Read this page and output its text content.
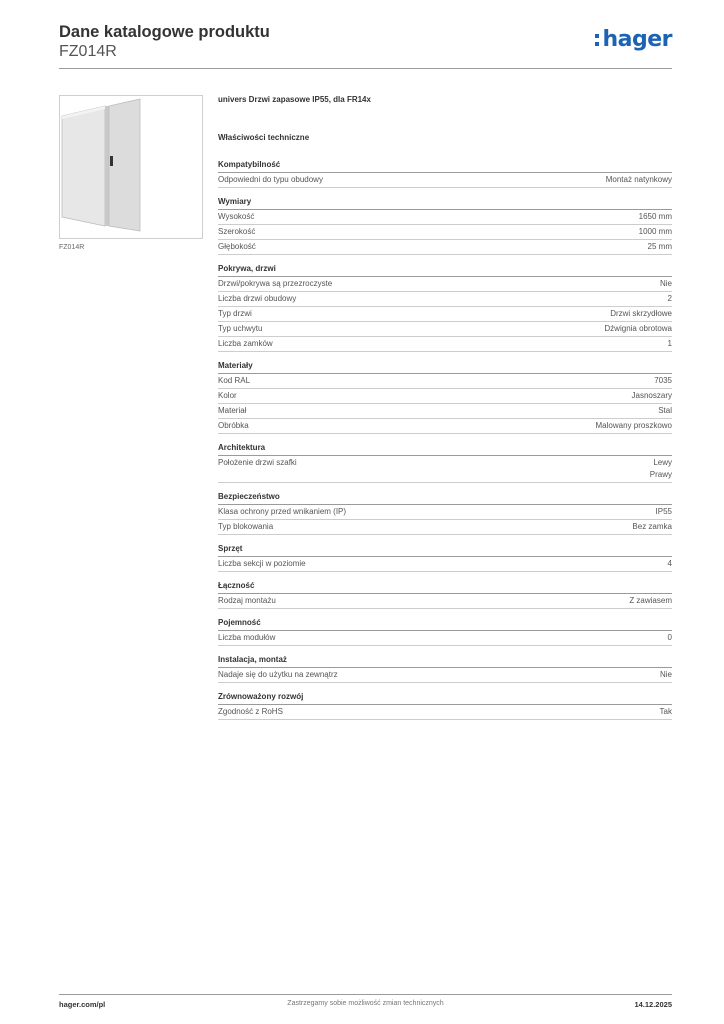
Dane katalogowe produktu
FZ014R	hager
FZ014R
univers Drzwi zapasowe IP55, dla FR14x
Właściwości techniczne
Kompatybilność
Odpowiedni do typu obudowy	Montaż natynkowy
Wymiary
Wysokość	1650 mm
Szerokość	1000 mm
Głębokość	25 mm
Pokrywa, drzwi
Drzwi/pokrywa są przezroczyste	Nie
Liczba drzwi obudowy	2
Typ drzwi	Drzwi skrzydłowe
Typ uchwytu	Dźwignia obrotowa
Liczba zamków	1
Materiały
Kod RAL	7035
Kolor	Jasnoszary
Materiał	Stal
Obróbka	Malowany proszkowo
Architektura
Położenie drzwi szafki	Lewy
Prawy
Bezpieczeństwo
Klasa ochrony przed wnikaniem (IP)	IP55
Typ blokowania	Bez zamka
Sprzęt
Liczba sekcji w poziomie	4
Łączność
Rodzaj montażu	Z zawiasem
Pojemność
Liczba modułów	0
Instalacja, montaż
Nadaje się do użytku na zewnątrz	Nie
Zrównoważony rozwój
Zgodność z RoHS	Tak
hager.com/pl	Zastrzegamy sobie możliwość zmian technicznych	14.12.2025
